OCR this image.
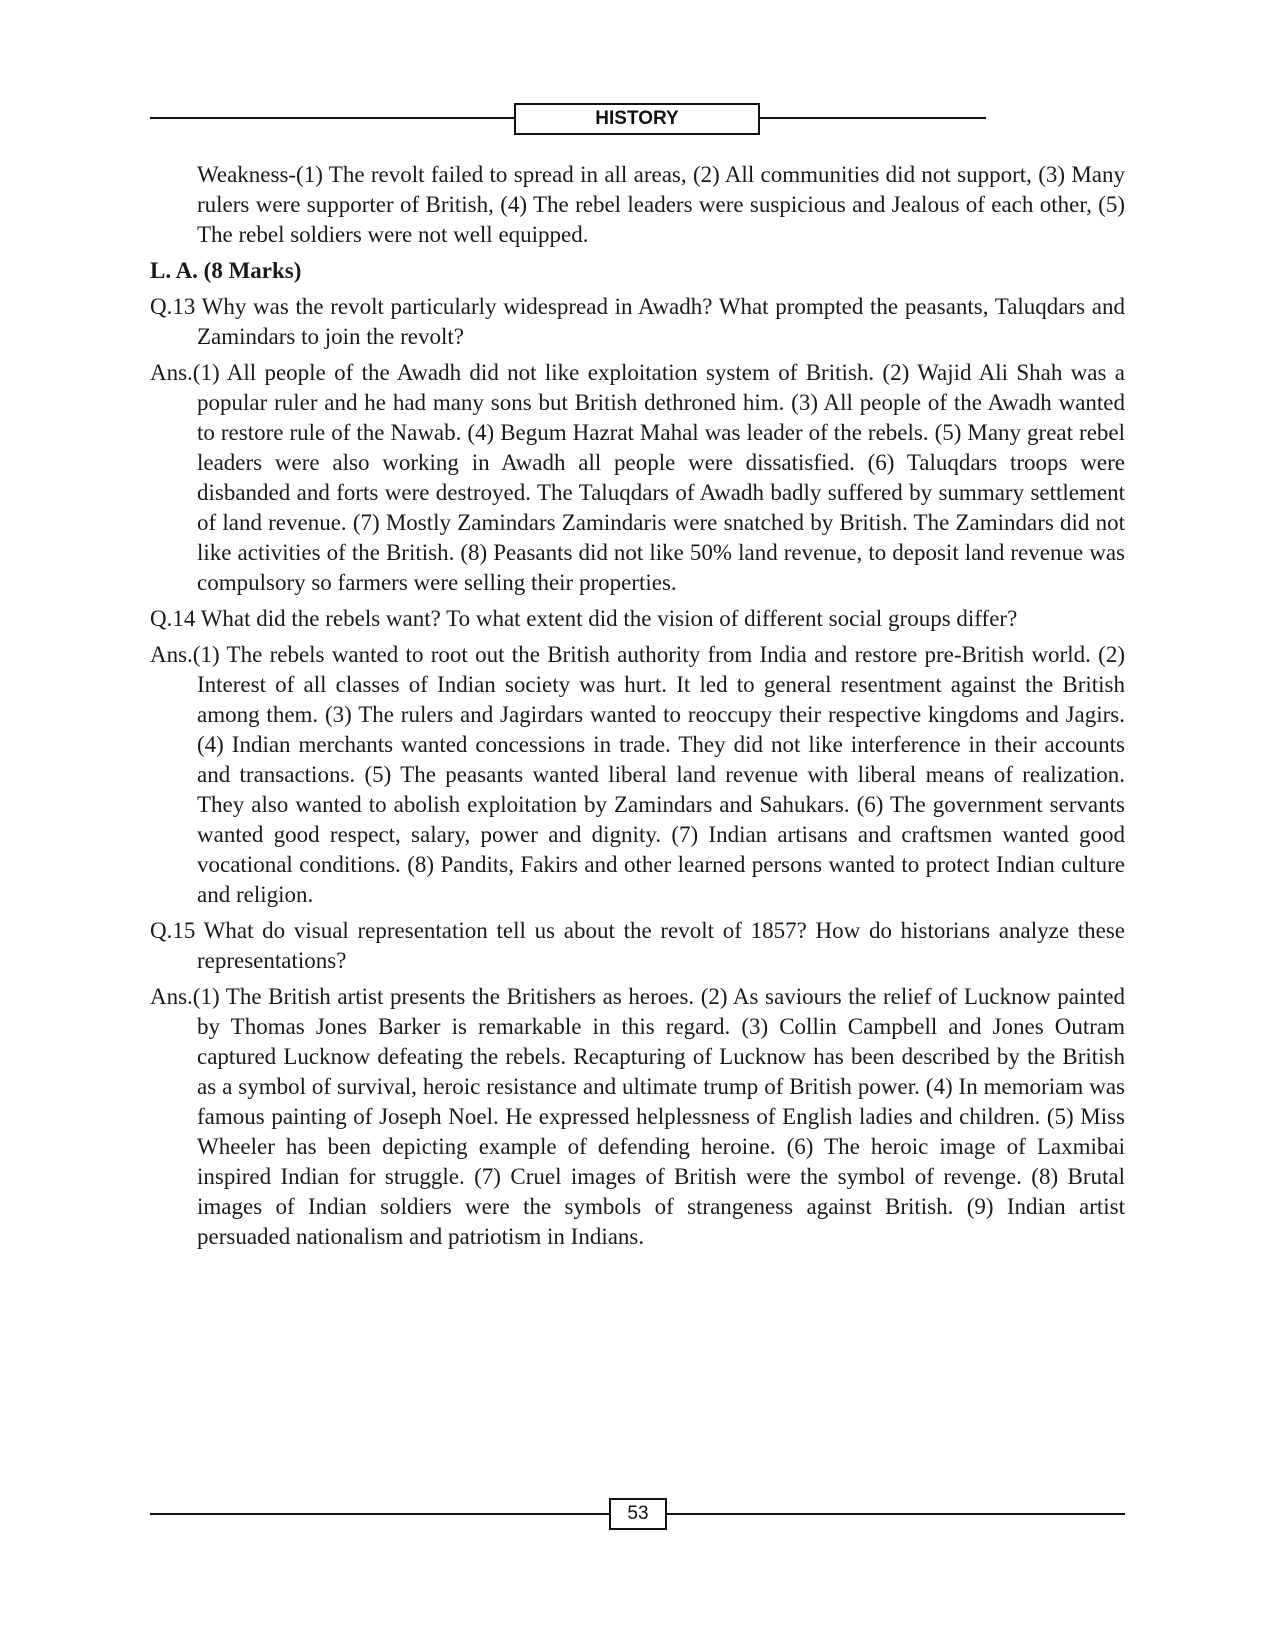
HISTORY

Weakness-(1) The revolt failed to spread in all areas, (2) All communities did not support, (3) Many rulers were supporter of British, (4) The rebel leaders were suspicious and Jealous of each other, (5) The rebel soldiers were not well equipped.

L. A. (8 Marks)

Q.13 Why was the revolt particularly widespread in Awadh? What prompted the peasants, Taluqdars and Zamindars to join the revolt?

Ans.(1) All people of the Awadh did not like exploitation system of British. (2) Wajid Ali Shah was a popular ruler and he had many sons but British dethroned him. (3) All people of the Awadh wanted to restore rule of the Nawab. (4) Begum Hazrat Mahal was leader of the rebels. (5) Many great rebel leaders were also working in Awadh all people were dissatisfied. (6) Taluqdars troops were disbanded and forts were destroyed. The Taluqdars of Awadh badly suffered by summary settlement of land revenue. (7) Mostly Zamindars Zamindaris were snatched by British. The Zamindars did not like activities of the British. (8) Peasants did not like 50% land revenue, to deposit land revenue was compulsory so farmers were selling their properties.

Q.14 What did the rebels want? To what extent did the vision of different social groups differ?

Ans.(1) The rebels wanted to root out the British authority from India and restore pre-British world. (2) Interest of all classes of Indian society was hurt. It led to general resentment against the British among them. (3) The rulers and Jagirdars wanted to reoccupy their respective kingdoms and Jagirs. (4) Indian merchants wanted concessions in trade. They did not like interference in their accounts and transactions. (5) The peasants wanted liberal land revenue with liberal means of realization. They also wanted to abolish exploitation by Zamindars and Sahukars. (6) The government servants wanted good respect, salary, power and dignity. (7) Indian artisans and craftsmen wanted good vocational conditions. (8) Pandits, Fakirs and other learned persons wanted to protect Indian culture and religion.

Q.15 What do visual representation tell us about the revolt of 1857? How do historians analyze these representations?

Ans.(1) The British artist presents the Britishers as heroes. (2) As saviours the relief of Lucknow painted by Thomas Jones Barker is remarkable in this regard. (3) Collin Campbell and Jones Outram captured Lucknow defeating the rebels. Recapturing of Lucknow has been described by the British as a symbol of survival, heroic resistance and ultimate trump of British power. (4) In memoriam was famous painting of Joseph Noel. He expressed helplessness of English ladies and children. (5) Miss Wheeler has been depicting example of defending heroine. (6) The heroic image of Laxmibai inspired Indian for struggle. (7) Cruel images of British were the symbol of revenge. (8) Brutal images of Indian soldiers were the symbols of strangeness against British. (9) Indian artist persuaded nationalism and patriotism in Indians.

53
